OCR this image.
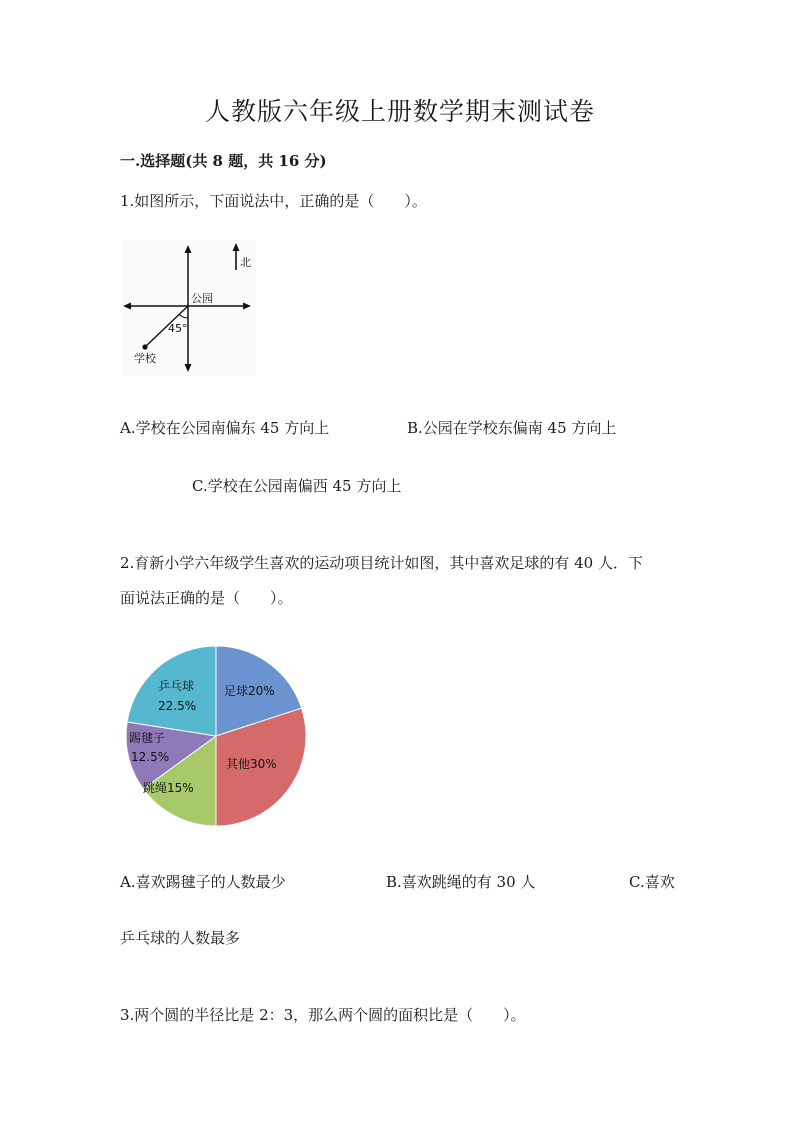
人教版六年级上册数学期末测试卷
一.选择题(共 8 题，共 16 分)
1.如图所示，下面说法中，正确的是（　　）。
北
公园
45°
学校
A.学校在公园南偏东 45 方向上	B.公园在学校东偏南 45 方向上
C.学校在公园南偏西 45 方向上
2.育新小学六年级学生喜欢的运动项目统计如图，其中喜欢足球的有 40 人．下
面说法正确的是（　　）。
足球20%
其他30%
跳绳15%
踢毽子
12.5%
乒乓球
22.5%
A.喜欢踢毽子的人数最少	B.喜欢跳绳的有 30 人	C.喜欢
乒乓球的人数最多
3.两个圆的半径比是 2：3，那么两个圆的面积比是（　　）。
